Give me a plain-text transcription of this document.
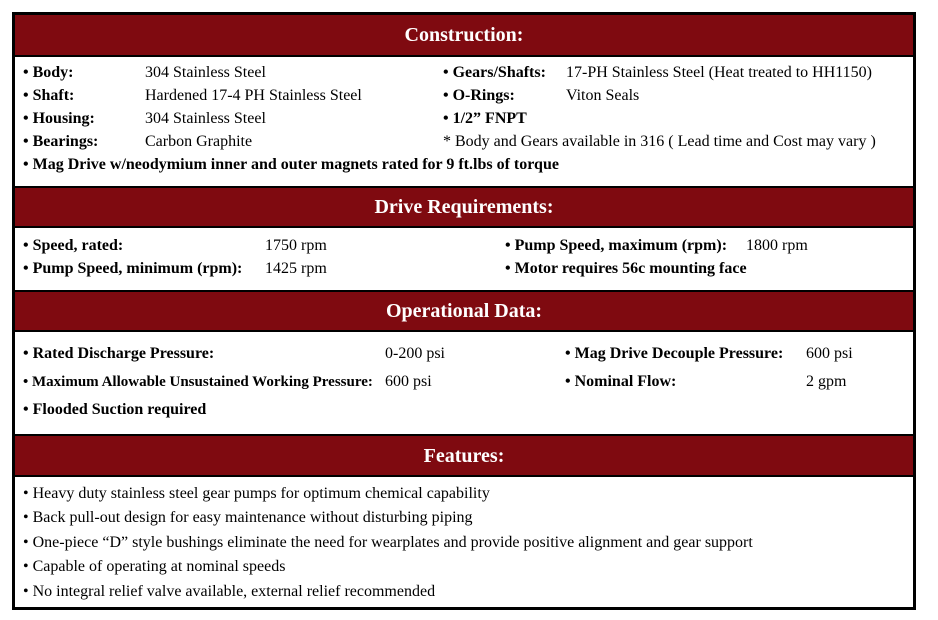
Construction:
• Body:	304 Stainless Steel
• Shaft:	Hardened 17-4 PH Stainless Steel
• Housing:	304 Stainless Steel
• Bearings:	Carbon Graphite
• Gears/Shafts: 17-PH Stainless Steel (Heat treated to HH1150)
• O-Rings:	Viton Seals
• 1/2” FNPT
* Body and Gears available in 316 ( Lead time and Cost may vary )
• Mag Drive w/neodymium inner and outer magnets rated for 9 ft.lbs of torque
Drive Requirements:
• Speed, rated:	1750 rpm
• Pump Speed, minimum (rpm): 1425 rpm
• Pump Speed, maximum (rpm): 1800 rpm
• Motor requires 56c mounting face
Operational Data:
• Rated Discharge Pressure:	0-200 psi
• Maximum Allowable Unsustained Working Pressure: 600 psi
• Flooded Suction required
• Mag Drive Decouple Pressure: 600 psi
• Nominal Flow:	2 gpm
Features:
• Heavy duty stainless steel gear pumps for optimum chemical capability
• Back pull-out design for easy maintenance without disturbing piping
• One-piece “D” style bushings eliminate the need for wearplates and provide positive alignment and gear support
• Capable of operating at nominal speeds
• No integral relief valve available, external relief recommended
